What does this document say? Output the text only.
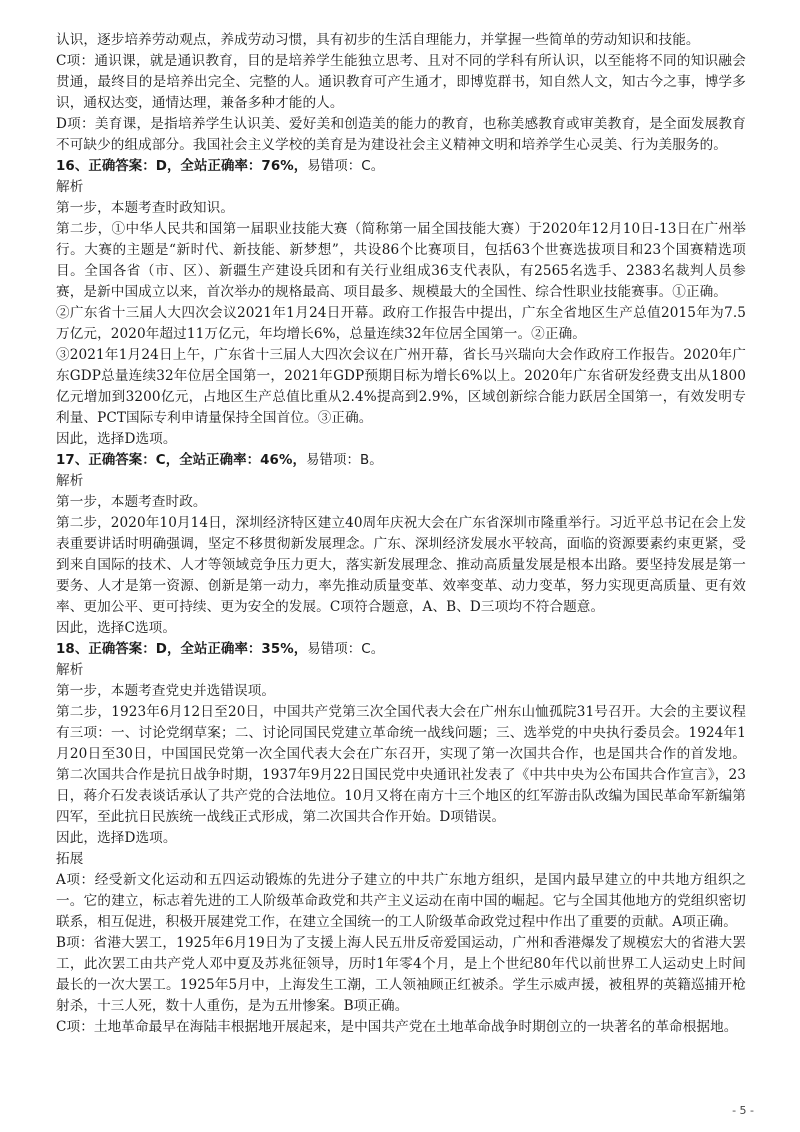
认识，逐步培养劳动观点，养成劳动习惯，具有初步的生活自理能力，并掌握一些简单的劳动知识和技能。

C项：通识课，就是通识教育，目的是培养学生能独立思考、且对不同的学科有所认识，以至能将不同的知识融会贯通，最终目的是培养出完全、完整的人。通识教育可产生通才，即博览群书，知自然人文，知古今之事，博学多识，通权达变，通情达理，兼备多种才能的人。

D项：美育课，是指培养学生认识美、爱好美和创造美的能力的教育，也称美感教育或审美教育，是全面发展教育不可缺少的组成部分。我国社会主义学校的美育是为建设社会主义精神文明和培养学生心灵美、行为美服务的。

16、正确答案：D，全站正确率：76%，易错项：C。

解析

第一步，本题考查时政知识。

第二步，①中华人民共和国第一届职业技能大赛（简称第一届全国技能大赛）于2020年12月10日-13日在广州举行。大赛的主题是“新时代、新技能、新梦想”，共设86个比赛项目，包括63个世赛选拔项目和23个国赛精选项目。全国各省（市、区）、新疆生产建设兵团和有关行业组成36支代表队，有2565名选手、2383名裁判人员参赛，是新中国成立以来，首次举办的规格最高、项目最多、规模最大的全国性、综合性职业技能赛事。①正确。

②广东省十三届人大四次会议2021年1月24日开幕。政府工作报告中提出，广东全省地区生产总值2015年为7.5万亿元，2020年超过11万亿元，年均增长6%，总量连续32年位居全国第一。②正确。

③2021年1月24日上午，广东省十三届人大四次会议在广州开幕，省长马兴瑞向大会作政府工作报告。2020年广东GDP总量连续32年位居全国第一，2021年GDP预期目标为增长6%以上。2020年广东省研发经费支出从1800亿元增加到3200亿元，占地区生产总值比重从2.4%提高到2.9%，区域创新综合能力跃居全国第一，有效发明专利量、PCT国际专利申请量保持全国首位。③正确。

因此，选择D选项。

17、正确答案：C，全站正确率：46%，易错项：B。

解析

第一步，本题考查时政。

第二步，2020年10月14日，深圳经济特区建立40周年庆祝大会在广东省深圳市隆重举行。习近平总书记在会上发表重要讲话时明确强调，坚定不移贯彻新发展理念。广东、深圳经济发展水平较高，面临的资源要素约束更紧，受到来自国际的技术、人才等领域竞争压力更大，落实新发展理念、推动高质量发展是根本出路。要坚持发展是第一要务、人才是第一资源、创新是第一动力，率先推动质量变革、效率变革、动力变革，努力实现更高质量、更有效率、更加公平、更可持续、更为安全的发展。C项符合题意，A、B、D三项均不符合题意。

因此，选择C选项。

18、正确答案：D，全站正确率：35%，易错项：C。

解析

第一步，本题考查党史并选错误项。

第二步，1923年6月12日至20日，中国共产党第三次全国代表大会在广州东山恤孤院31号召开。大会的主要议程有三项：一、讨论党纲草案；二、讨论同国民党建立革命统一战线问题；三、选举党的中央执行委员会。1924年1月20日至30日，中国国民党第一次全国代表大会在广东召开，实现了第一次国共合作，也是国共合作的首发地。第二次国共合作是抗日战争时期，1937年9月22日国民党中央通讯社发表了《中共中央为公布国共合作宣言》，23日，蒋介石发表谈话承认了共产党的合法地位。10月又将在南方十三个地区的红军游击队改编为国民革命军新编第四军，至此抗日民族统一战线正式形成，第二次国共合作开始。D项错误。

因此，选择D选项。

拓展

A项：经受新文化运动和五四运动锻炼的先进分子建立的中共广东地方组织，是国内最早建立的中共地方组织之一。它的建立，标志着先进的工人阶级革命政党和共产主义运动在南中国的崛起。它与全国其他地方的党组织密切联系，相互促进，积极开展建党工作，在建立全国统一的工人阶级革命政党过程中作出了重要的贡献。A项正确。

B项：省港大罢工，1925年6月19日为了支援上海人民五卅反帝爱国运动，广州和香港爆发了规模宏大的省港大罢工，此次罢工由共产党人邓中夏及苏兆征领导，历时1年零4个月，是上个世纪80年代以前世界工人运动史上时间最长的一次大罢工。1925年5月中，上海发生工潮，工人领袖顾正红被杀。学生示威声援，被租界的英籍巡捕开枪射杀，十三人死，数十人重伤，是为五卅惨案。B项正确。

C项：土地革命最早在海陆丰根据地开展起来，是中国共产党在土地革命战争时期创立的一块著名的革命根据地。

- 5 -
